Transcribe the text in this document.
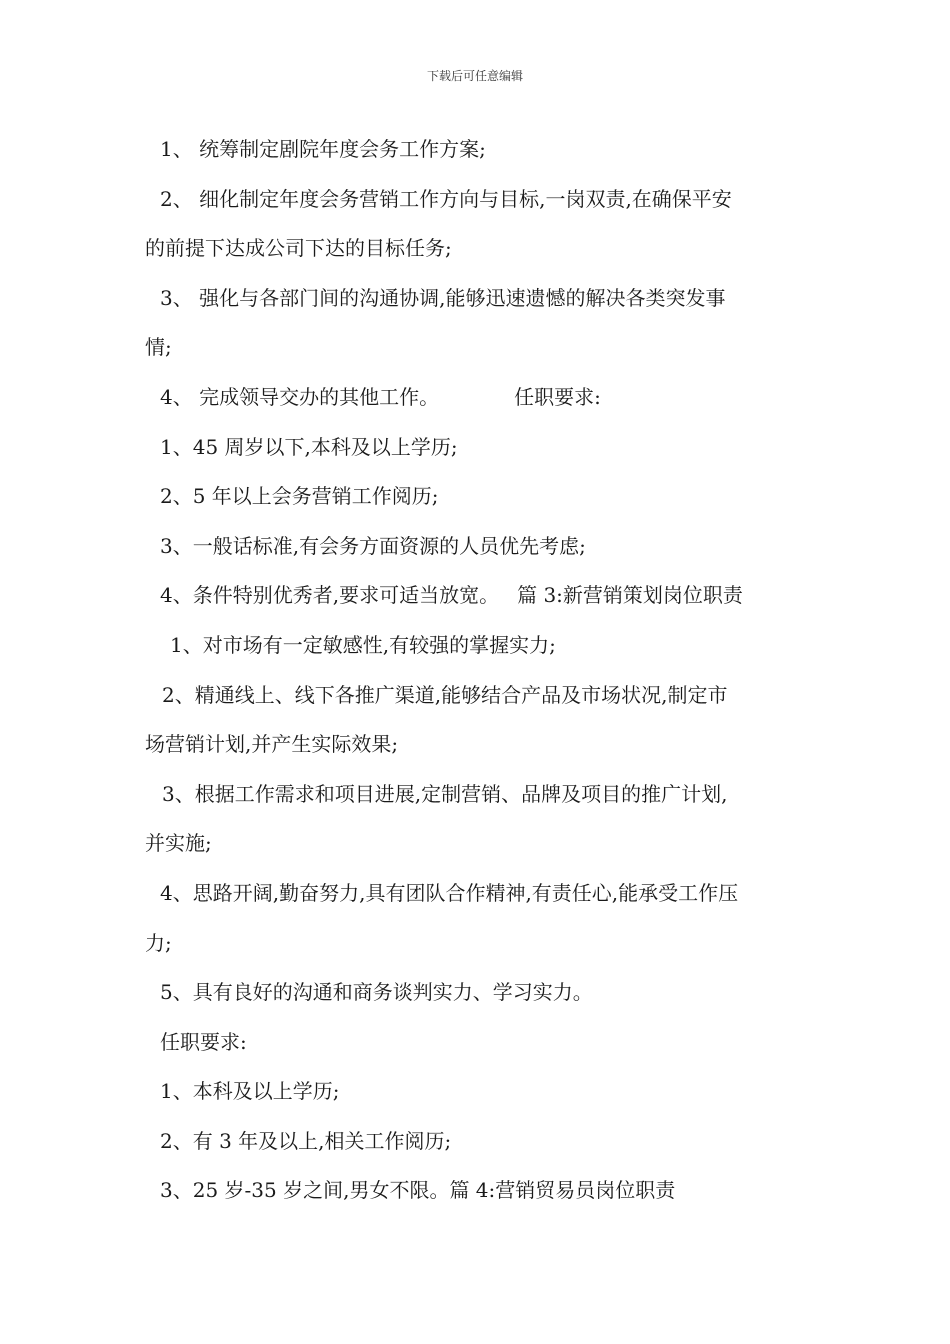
下载后可任意编辑
1、 统筹制定剧院年度会务工作方案;
2、 细化制定年度会务营销工作方向与目标,一岗双责,在确保平安
的前提下达成公司下达的目标任务;
3、 强化与各部门间的沟通协调,能够迅速遗憾的解决各类突发事
情;
4、 完成领导交办的其他工作。	任职要求:
1、45 周岁以下,本科及以上学历;
2、5 年以上会务营销工作阅历;
3、一般话标准,有会务方面资源的人员优先考虑;
4、条件特别优秀者,要求可适当放宽。 篇 3:新营销策划岗位职责
1、对市场有一定敏感性,有较强的掌握实力;
2、精通线上、线下各推广渠道,能够结合产品及市场状况,制定市
场营销计划,并产生实际效果;
3、根据工作需求和项目进展,定制营销、品牌及项目的推广计划,
并实施;
4、思路开阔,勤奋努力,具有团队合作精神,有责任心,能承受工作压
力;
5、具有良好的沟通和商务谈判实力、学习实力。
任职要求:
1、本科及以上学历;
2、有 3 年及以上,相关工作阅历;
3、25 岁-35 岁之间,男女不限。篇 4:营销贸易员岗位职责
